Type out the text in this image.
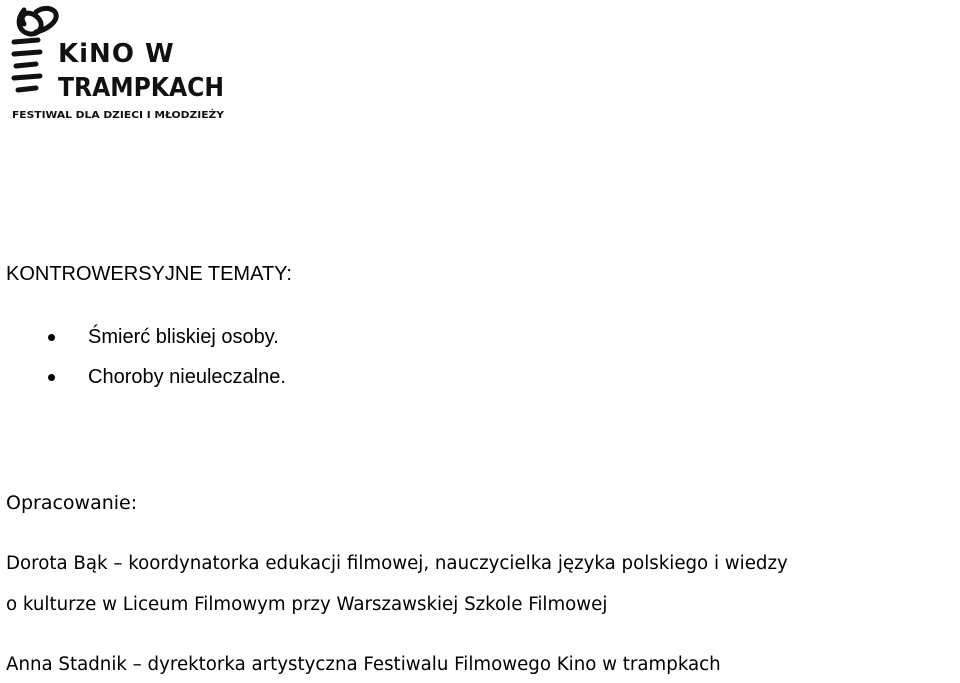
KiNO W
TRAMPKACH
FESTIWAL DLA DZIECI I MŁODZIEŻY
KONTROWERSYJNE TEMATY:
Śmierć bliskiej osoby.
Choroby nieuleczalne.
Opracowanie:

Dorota Bąk – koordynatorka edukacji filmowej, nauczycielka języka polskiego i wiedzy

o kulturze w Liceum Filmowym przy Warszawskiej Szkole Filmowej

Anna Stadnik – dyrektorka artystyczna Festiwalu Filmowego Kino w trampkach
